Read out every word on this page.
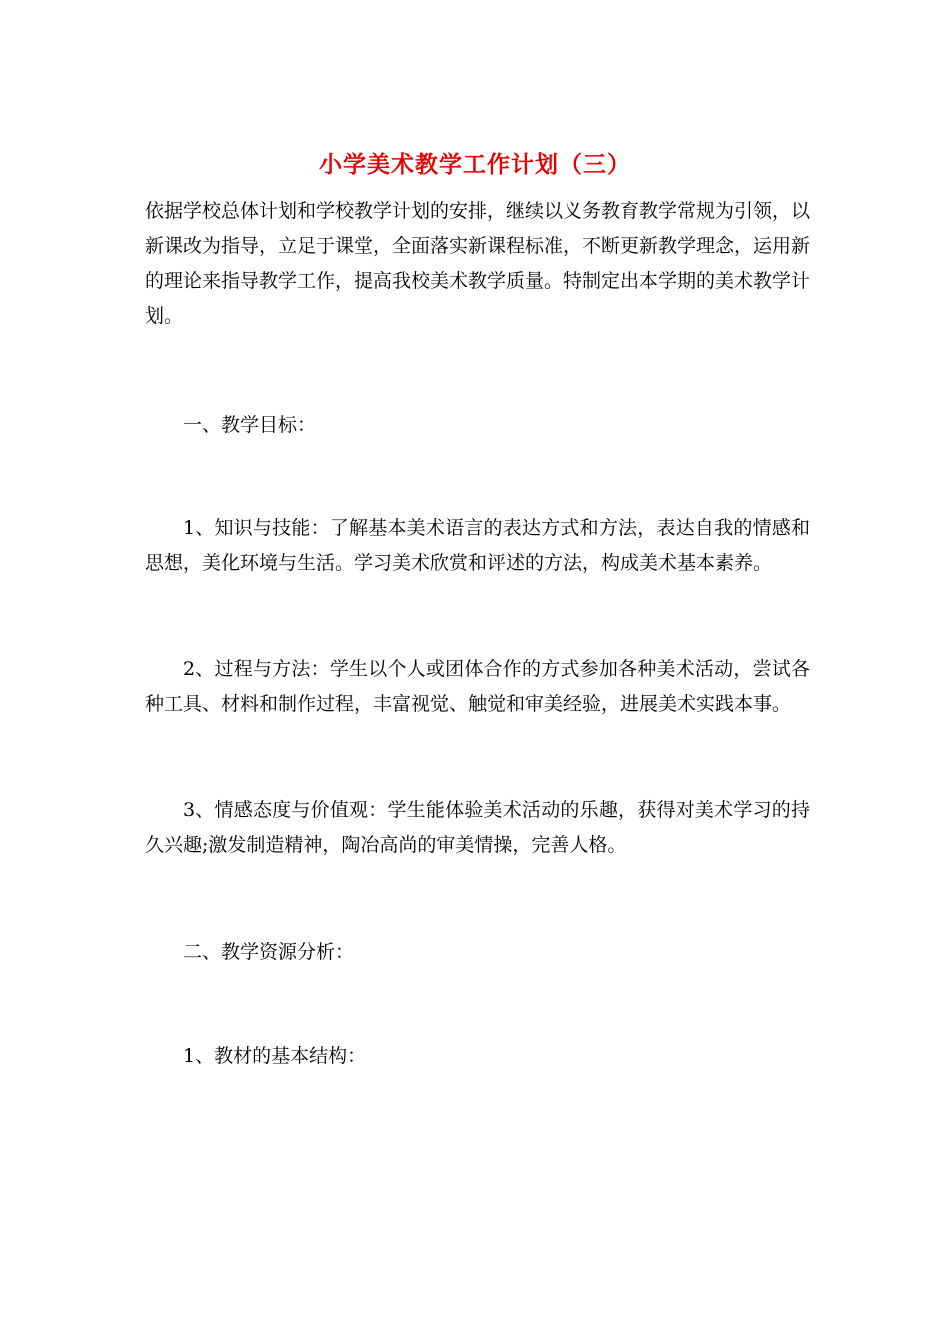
小学美术教学工作计划（三）

依据学校总体计划和学校教学计划的安排，继续以义务教育教学常规为引领，以新课改为指导，立足于课堂，全面落实新课程标准，不断更新教学理念，运用新的理论来指导教学工作，提高我校美术教学质量。特制定出本学期的美术教学计划。

一、教学目标：

1、知识与技能：了解基本美术语言的表达方式和方法，表达自我的情感和思想，美化环境与生活。学习美术欣赏和评述的方法，构成美术基本素养。

2、过程与方法：学生以个人或团体合作的方式参加各种美术活动，尝试各种工具、材料和制作过程，丰富视觉、触觉和审美经验，进展美术实践本事。

3、情感态度与价值观：学生能体验美术活动的乐趣，获得对美术学习的持久兴趣;激发制造精神，陶冶高尚的审美情操，完善人格。

二、教学资源分析：

1、教材的基本结构：
